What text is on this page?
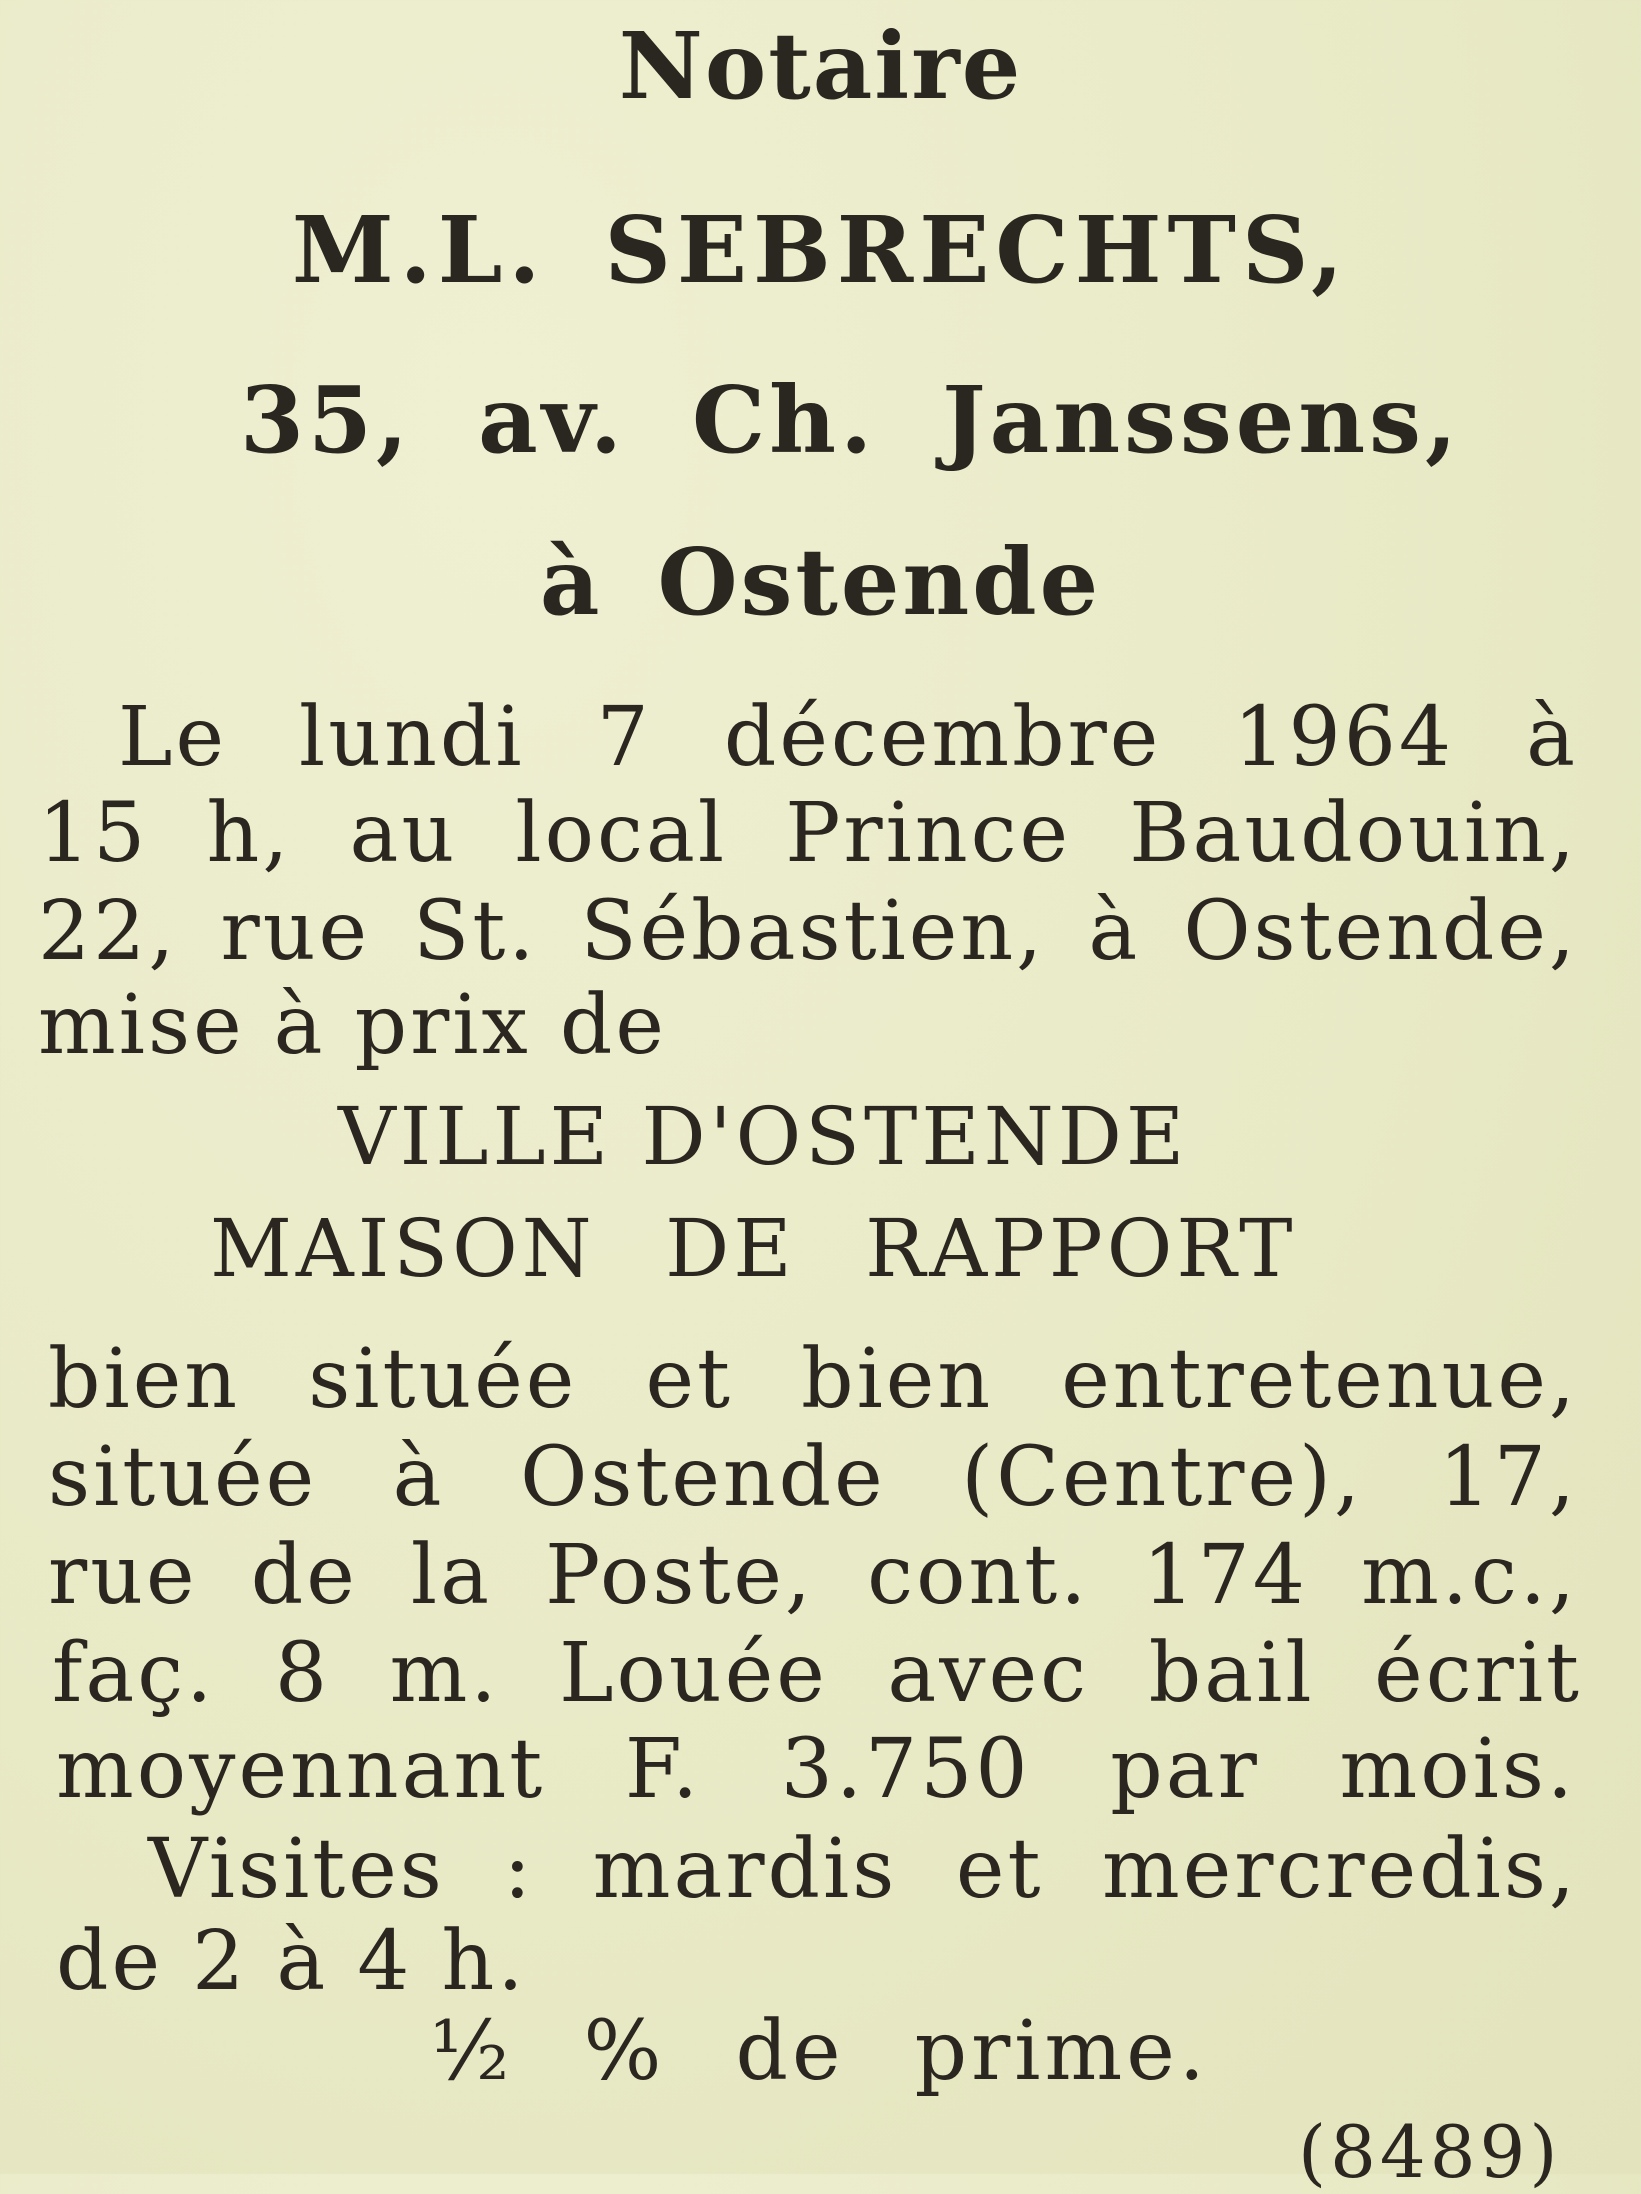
Notaire
M.L. SEBRECHTS,
35, av. Ch. Janssens,
à Ostende
Le lundi 7 décembre 1964 à
15 h, au local Prince Baudouin,
22, rue St. Sébastien, à Ostende,
mise à prix de
VILLE D'OSTENDE
MAISON DE RAPPORT
bien située et bien entretenue,
située à Ostende (Centre), 17,
rue de la Poste, cont. 174 m.c.,
faç. 8 m. Louée avec bail écrit
moyennant F. 3.750 par mois.
Visites : mardis et mercredis,
de 2 à 4 h.
½ % de prime.
(8489)
